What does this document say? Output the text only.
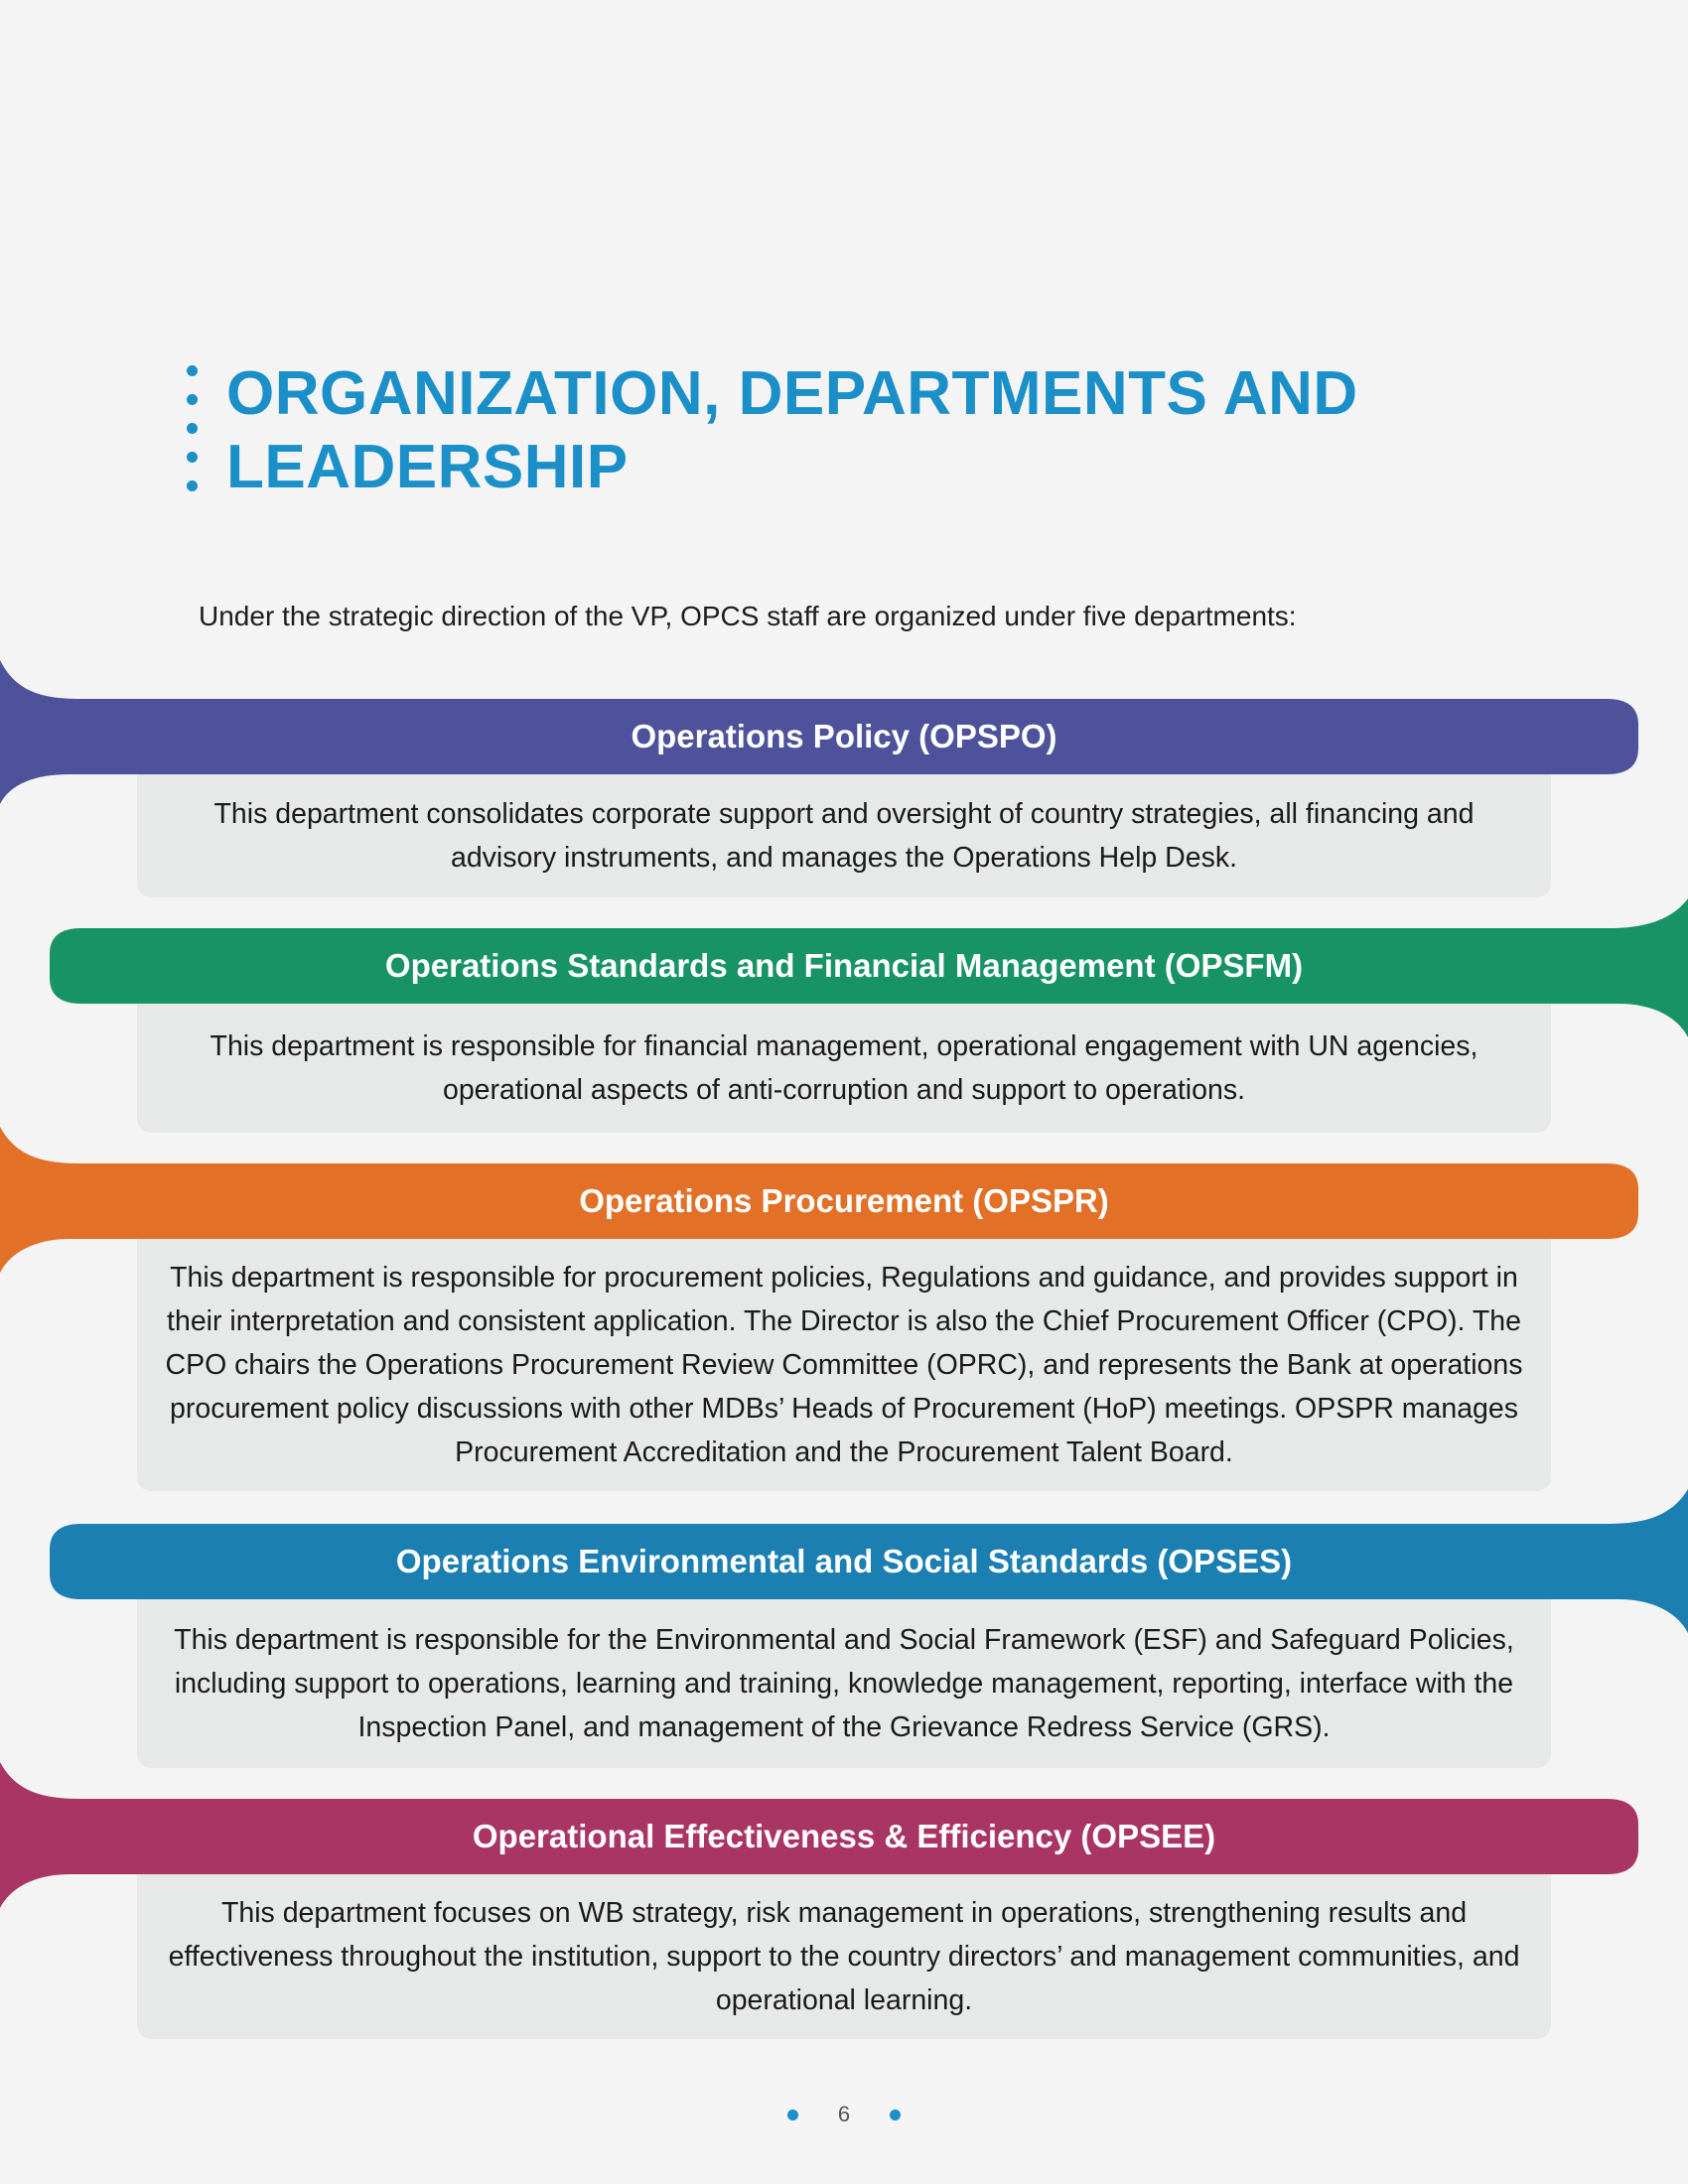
ORGANIZATION, DEPARTMENTS AND LEADERSHIP

Under the strategic direction of the VP, OPCS staff are organized under five departments:

Operations Policy (OPSPO)

This department consolidates corporate support and oversight of country strategies, all financing and advisory instruments, and manages the Operations Help Desk.

Operations Standards and Financial Management (OPSFM)

This department is responsible for financial management, operational engagement with UN agencies, operational aspects of anti-corruption and support to operations.

Operations Procurement (OPSPR)

This department is responsible for procurement policies, Regulations and guidance, and provides support in their interpretation and consistent application. The Director is also the Chief Procurement Officer (CPO). The CPO chairs the Operations Procurement Review Committee (OPRC), and represents the Bank at operations procurement policy discussions with other MDBs’ Heads of Procurement (HoP) meetings. OPSPR manages Procurement Accreditation and the Procurement Talent Board.

Operations Environmental and Social Standards (OPSES)

This department is responsible for the Environmental and Social Framework (ESF) and Safeguard Policies, including support to operations, learning and training, knowledge management, reporting, interface with the Inspection Panel, and management of the Grievance Redress Service (GRS).

Operational Effectiveness & Efficiency (OPSEE)

This department focuses on WB strategy, risk management in operations, strengthening results and effectiveness throughout the institution, support to the country directors’ and management communities, and operational learning.

6
